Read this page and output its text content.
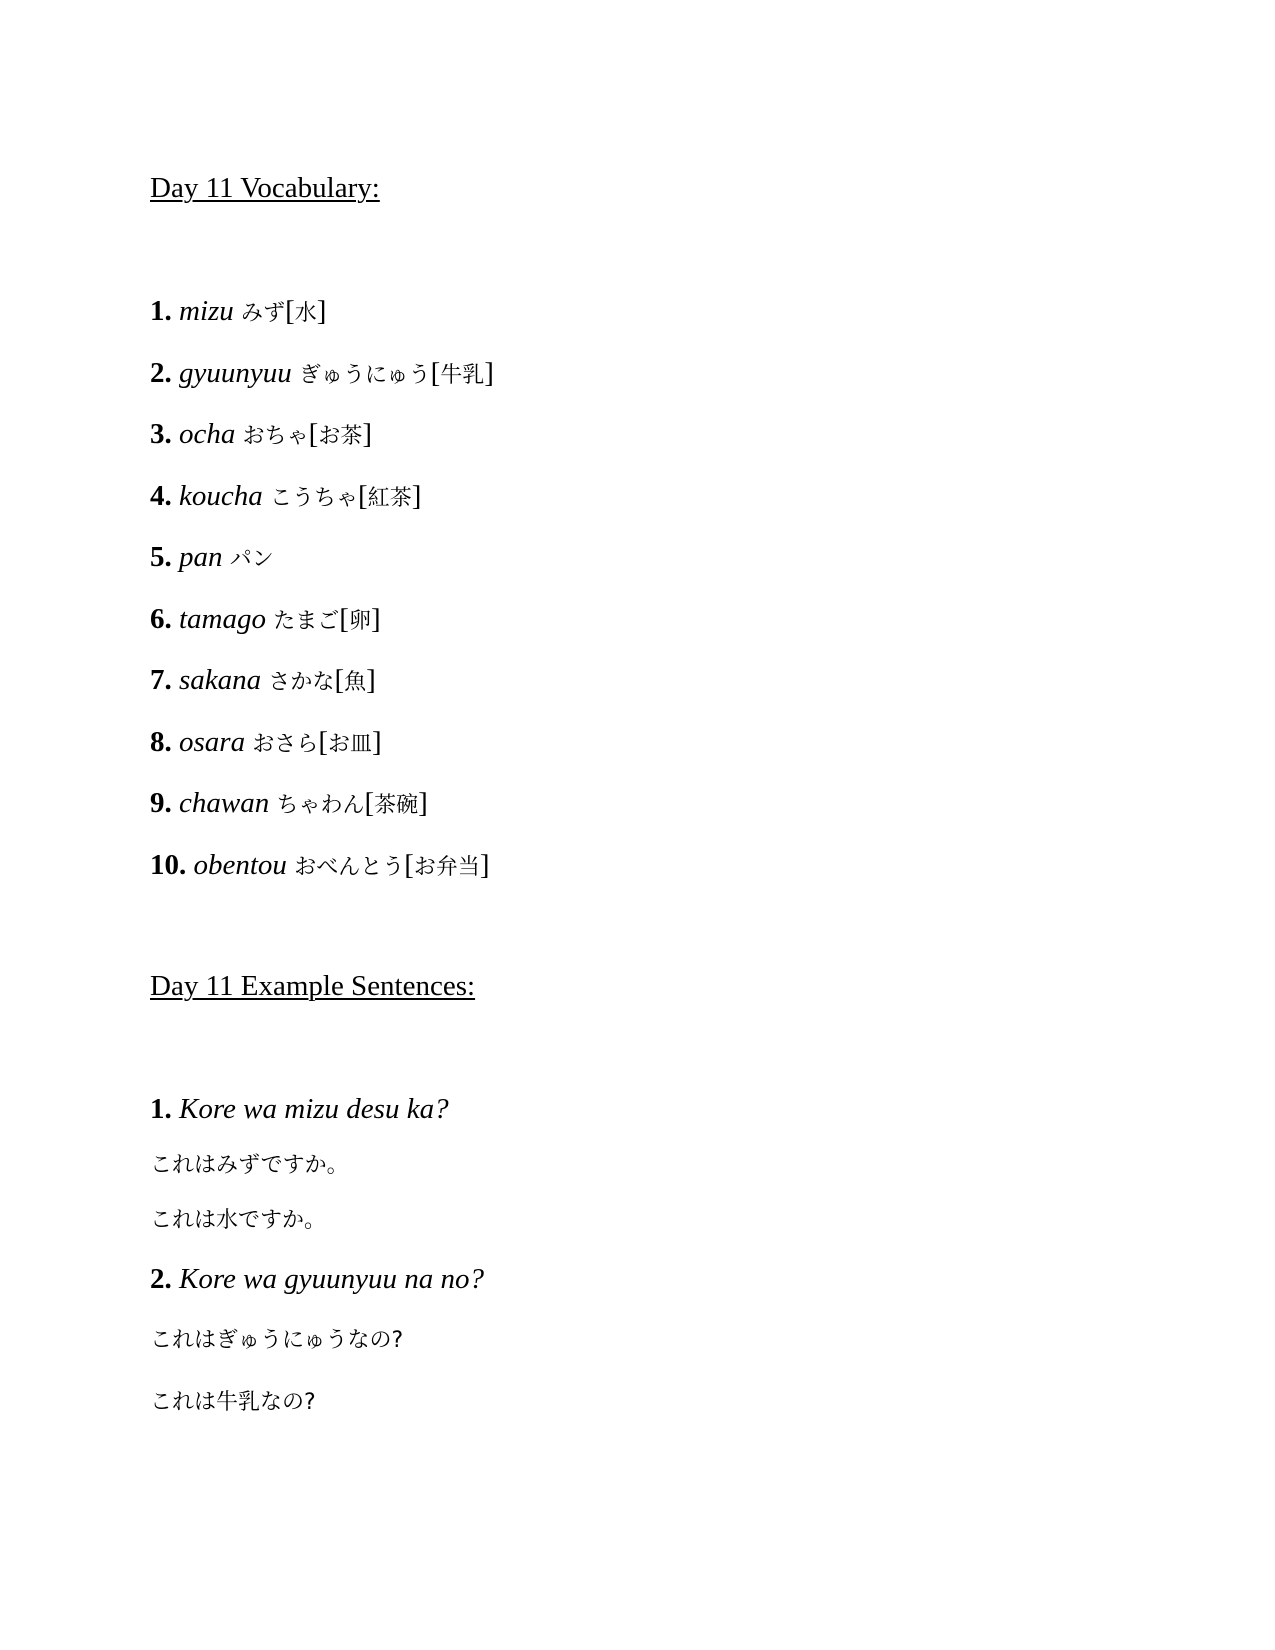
Day 11 Vocabulary:
1. mizu みず[水]
2. gyuunyuu ぎゅうにゅう[牛乳]
3. ocha おちゃ[お茶]
4. koucha こうちゃ[紅茶]
5. pan パン
6. tamago たまご[卵]
7. sakana さかな[魚]
8. osara おさら[お皿]
9. chawan ちゃわん[茶碗]
10. obentou おべんとう[お弁当]
Day 11 Example Sentences:
1. Kore wa mizu desu ka?
これはみずですか。
これは水ですか。
2. Kore wa gyuunyuu na no?
これはぎゅうにゅうなの?
これは牛乳なの?
